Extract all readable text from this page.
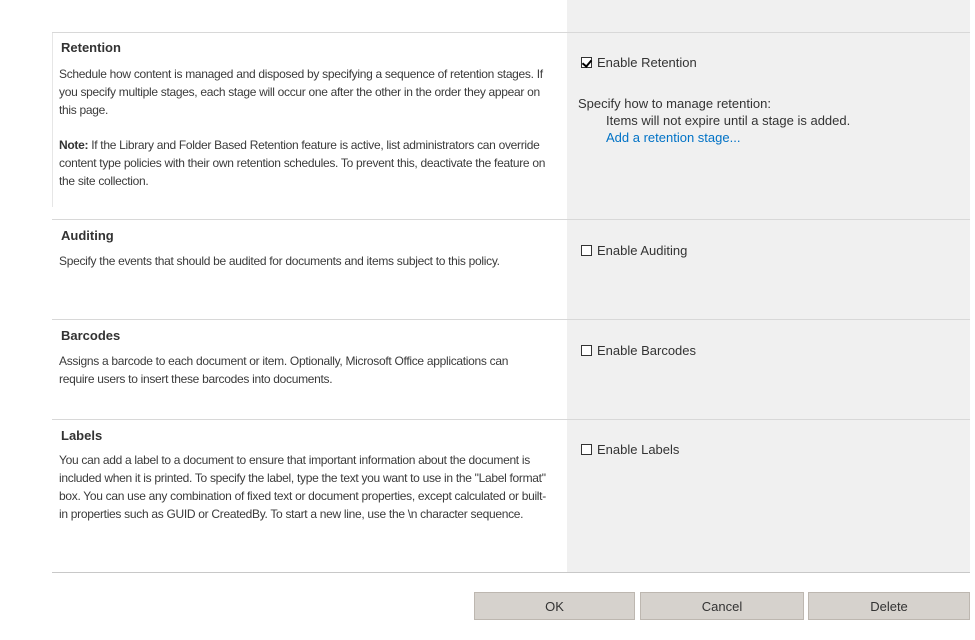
Retention

Schedule how content is managed and disposed by specifying a sequence of retention stages. If you specify multiple stages, each stage will occur one after the other in the order they appear on this page.

Note: If the Library and Folder Based Retention feature is active, list administrators can override content type policies with their own retention schedules. To prevent this, deactivate the feature on the site collection.

Enable Retention
Specify how to manage retention:
Items will not expire until a stage is added.
Add a retention stage...
Auditing
Specify the events that should be audited for documents and items subject to this policy.
Enable Auditing
Barcodes
Assigns a barcode to each document or item. Optionally, Microsoft Office applications can require users to insert these barcodes into documents.
Enable Barcodes
Labels
You can add a label to a document to ensure that important information about the document is included when it is printed. To specify the label, type the text you want to use in the "Label format" box. You can use any combination of fixed text or document properties, except calculated or built-in properties such as GUID or CreatedBy. To start a new line, use the \n character sequence.
Enable Labels
OK	Cancel	Delete
